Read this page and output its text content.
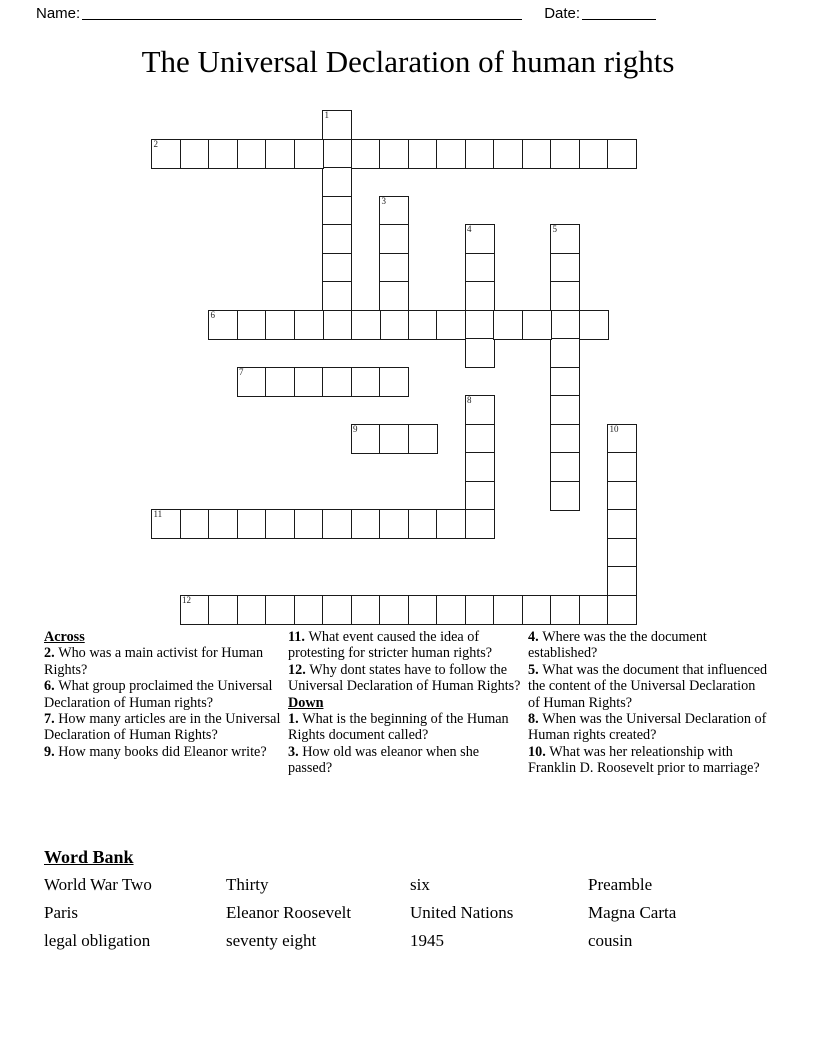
Name:	Date:
The Universal Declaration of human rights
1
2
3
4	5
6
7
8
9	10
11
12
Across
2. Who was a main activist for Human Rights?
6. What group proclaimed the Universal Declaration of Human rights?
7. How many articles are in the Universal Declaration of Human Rights?
9. How many books did Eleanor write?
11. What event caused the idea of protesting for stricter human rights?
12. Why dont states have to follow the Universal Declaration of Human Rights?
Down
1. What is the beginning of the Human Rights document called?
3. How old was eleanor when she passed?
4. Where was the the document established?
5. What was the document that influenced the content of the Universal Declaration of Human Rights?
8. When was the Universal Declaration of Human rights created?
10. What was her releationship with Franklin D. Roosevelt prior to marriage?
Word Bank
World War Two	Thirty	six	Preamble
Paris	Eleanor Roosevelt	United Nations	Magna Carta
legal obligation	seventy eight	1945	cousin
